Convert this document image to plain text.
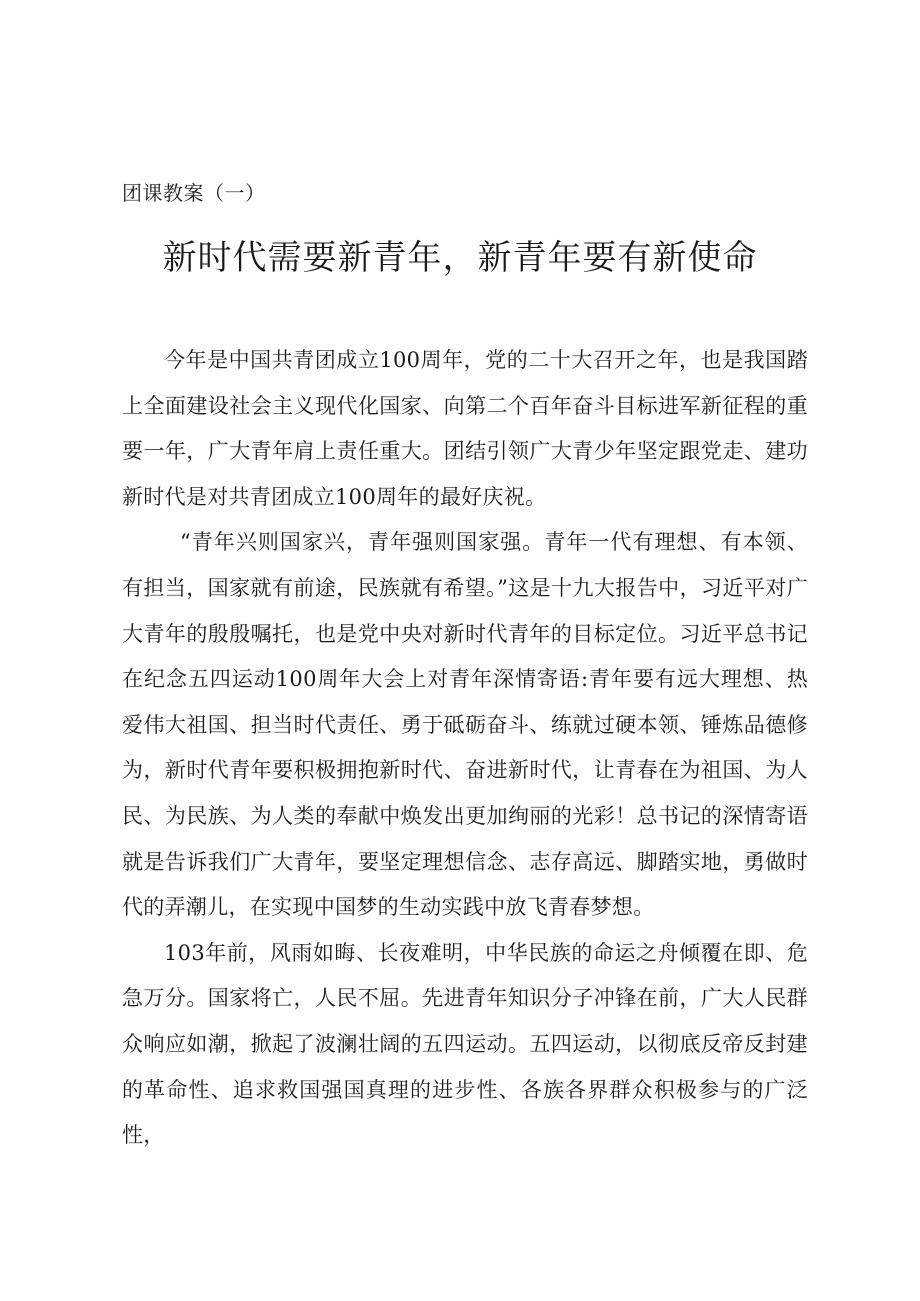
团课教案（一）
新时代需要新青年，新青年要有新使命

今年是中国共青团成立100周年，党的二十大召开之年，也是我国踏上全面建设社会主义现代化国家、向第二个百年奋斗目标进军新征程的重要一年，广大青年肩上责任重大。团结引领广大青少年坚定跟党走、建功新时代是对共青团成立100周年的最好庆祝。

“青年兴则国家兴，青年强则国家强。青年一代有理想、有本领、有担当，国家就有前途，民族就有希望。”这是十九大报告中，习近平对广大青年的殷殷嘱托，也是党中央对新时代青年的目标定位。习近平总书记在纪念五四运动100周年大会上对青年深情寄语:青年要有远大理想、热爱伟大祖国、担当时代责任、勇于砥砺奋斗、练就过硬本领、锤炼品德修为，新时代青年要积极拥抱新时代、奋进新时代，让青春在为祖国、为人民、为民族、为人类的奉献中焕发出更加绚丽的光彩！总书记的深情寄语就是告诉我们广大青年，要坚定理想信念、志存高远、脚踏实地，勇做时代的弄潮儿，在实现中国梦的生动实践中放飞青春梦想。

103年前，风雨如晦、长夜难明，中华民族的命运之舟倾覆在即、危急万分。国家将亡，人民不屈。先进青年知识分子冲锋在前，广大人民群众响应如潮，掀起了波澜壮阔的五四运动。五四运动，以彻底反帝反封建的革命性、追求救国强国真理的进步性、各族各界群众积极参与的广泛性，
